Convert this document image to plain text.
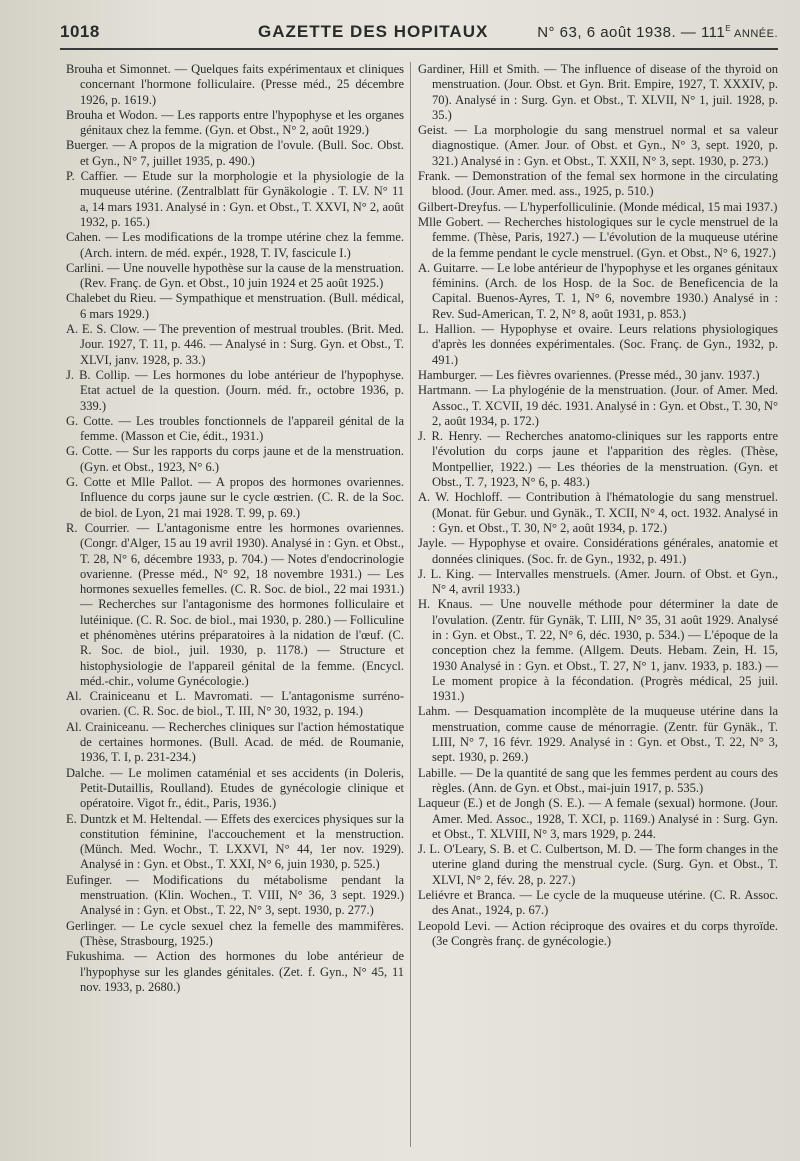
1018	GAZETTE DES HOPITAUX	N° 63, 6 août 1938. — 111e ANNÉE.

Brouha et Simonnet. — Quelques faits expérimentaux et cliniques concernant l'hormone folliculaire. (Presse méd., 25 décembre 1926, p. 1619.)

Brouha et Wodon. — Les rapports entre l'hypophyse et les organes génitaux chez la femme. (Gyn. et Obst., N° 2, août 1929.)

Buerger. — A propos de la migration de l'ovule. (Bull. Soc. Obst. et Gyn., N° 7, juillet 1935, p. 490.)

P. Caffier. — Etude sur la morphologie et la physiologie de la muqueuse utérine. (Zentralblatt für Gynäkologie . T. LV. N° 11 a, 14 mars 1931. Analysé in : Gyn. et Obst., T. XXVI, N° 2, août 1932, p. 165.)

Cahen. — Les modifications de la trompe utérine chez la femme. (Arch. intern. de méd. expér., 1928, T. IV, fascicule I.)

Carlini. — Une nouvelle hypothèse sur la cause de la menstruation. (Rev. Franç. de Gyn. et Obst., 10 juin 1924 et 25 août 1925.)

Chalebet du Rieu. — Sympathique et menstruation. (Bull. médical, 6 mars 1929.)

A. E. S. Clow. — The prevention of mestrual troubles. (Brit. Med. Jour. 1927, T. 11, p. 446. — Analysé in : Surg. Gyn. et Obst., T. XLVI, janv. 1928, p. 33.)

J. B. Collip. — Les hormones du lobe antérieur de l'hypophyse. Etat actuel de la question. (Journ. méd. fr., octobre 1936, p. 339.)

G. Cotte. — Les troubles fonctionnels de l'appareil génital de la femme. (Masson et Cie, édit., 1931.)

G. Cotte. — Sur les rapports du corps jaune et de la menstruation. (Gyn. et Obst., 1923, N° 6.)

G. Cotte et Mlle Pallot. — A propos des hormones ovariennes. Influence du corps jaune sur le cycle œstrien. (C. R. de la Soc. de biol. de Lyon, 21 mai 1928. T. 99, p. 69.)

R. Courrier. — L'antagonisme entre les hormones ovariennes. (Congr. d'Alger, 15 au 19 avril 1930). Analysé in : Gyn. et Obst., T. 28, N° 6, décembre 1933, p. 704.) — Notes d'endocrinologie ovarienne. (Presse méd., N° 92, 18 novembre 1931.) — Les hormones sexuelles femelles. (C. R. Soc. de biol., 22 mai 1931.) — Recherches sur l'antagonisme des hormones folliculaire et lutéinique. (C. R. Soc. de biol., mai 1930, p. 280.) — Folliculine et phénomènes utérins préparatoires à la nidation de l'œuf. (C. R. Soc. de biol., juil. 1930, p. 1178.) — Structure et histophysiologie de l'appareil génital de la femme. (Encycl. méd.-chir., volume Gynécologie.)

Al. Crainiceanu et L. Mavromati. — L'antagonisme surréno-ovarien. (C. R. Soc. de biol., T. III, N° 30, 1932, p. 194.)

Al. Crainiceanu. — Recherches cliniques sur l'action hémostatique de certaines hormones. (Bull. Acad. de méd. de Roumanie, 1936, T. I, p. 231-234.)

Dalche. — Le molimen cataménial et ses accidents (in Doleris, Petit-Dutaillis, Roulland). Etudes de gynécologie clinique et opératoire. Vigot fr., édit., Paris, 1936.)

E. Duntzk et M. Heltendal. — Effets des exercices physiques sur la constitution féminine, l'accouchement et la menstruction. (Münch. Med. Wochr., T. LXXVI, N° 44, 1er nov. 1929). Analysé in : Gyn. et Obst., T. XXI, N° 6, juin 1930, p. 525.)

Eufinger. — Modifications du métabolisme pendant la menstruation. (Klin. Wochen., T. VIII, N° 36, 3 sept. 1929.) Analysé in : Gyn. et Obst., T. 22, N° 3, sept. 1930, p. 277.)

Gerlinger. — Le cycle sexuel chez la femelle des mammifères. (Thèse, Strasbourg, 1925.)

Fukushima. — Action des hormones du lobe antérieur de l'hypophyse sur les glandes génitales. (Zet. f. Gyn., N° 45, 11 nov. 1933, p. 2680.)

Gardiner, Hill et Smith. — The influence of disease of the thyroid on menstruation. (Jour. Obst. et Gyn. Brit. Empire, 1927, T. XXXIV, p. 70). Analysé in : Surg. Gyn. et Obst., T. XLVII, N° 1, juil. 1928, p. 35.)

Geist. — La morphologie du sang menstruel normal et sa valeur diagnostique. (Amer. Jour. of Obst. et Gyn., N° 3, sept. 1920, p. 321.) Analysé in : Gyn. et Obst., T. XXII, N° 3, sept. 1930, p. 273.)

Frank. — Demonstration of the femal sex hormone in the circulating blood. (Jour. Amer. med. ass., 1925, p. 510.)

Gilbert-Dreyfus. — L'hyperfolliculinie. (Monde médical, 15 mai 1937.)

Mlle Gobert. — Recherches histologiques sur le cycle menstruel de la femme. (Thèse, Paris, 1927.) — L'évolution de la muqueuse utérine de la femme pendant le cycle menstruel. (Gyn. et Obst., N° 6, 1927.)

A. Guitarre. — Le lobe antérieur de l'hypophyse et les organes génitaux féminins. (Arch. de los Hosp. de la Soc. de Beneficencia de la Capital. Buenos-Ayres, T. 1, N° 6, novembre 1930.) Analysé in : Rev. Sud-American, T. 2, N° 8, août 1931, p. 853.)

L. Hallion. — Hypophyse et ovaire. Leurs relations physiologiques d'après les données expérimentales. (Soc. Franç. de Gyn., 1932, p. 491.)

Hamburger. — Les fièvres ovariennes. (Presse méd., 30 janv. 1937.)

Hartmann. — La phylogénie de la menstruation. (Jour. of Amer. Med. Assoc., T. XCVII, 19 déc. 1931. Analysé in : Gyn. et Obst., T. 30, N° 2, août 1934, p. 172.)

J. R. Henry. — Recherches anatomo-cliniques sur les rapports entre l'évolution du corps jaune et l'apparition des règles. (Thèse, Montpellier, 1922.) — Les théories de la menstruation. (Gyn. et Obst., T. 7, 1923, N° 6, p. 483.)

A. W. Hochloff. — Contribution à l'hématologie du sang menstruel. (Monat. für Gebur. und Gynäk., T. XCII, N° 4, oct. 1932. Analysé in : Gyn. et Obst., T. 30, N° 2, août 1934, p. 172.)

Jayle. — Hypophyse et ovaire. Considérations générales, anatomie et données cliniques. (Soc. fr. de Gyn., 1932, p. 491.)

J. L. King. — Intervalles menstruels. (Amer. Journ. of Obst. et Gyn., N° 4, avril 1933.)

H. Knaus. — Une nouvelle méthode pour déterminer la date de l'ovulation. (Zentr. für Gynäk, T. LIII, N° 35, 31 août 1929. Analysé in : Gyn. et Obst., T. 22, N° 6, déc. 1930, p. 534.) — L'époque de la conception chez la femme. (Allgem. Deuts. Hebam. Zein, H. 15, 1930 Analysé in : Gyn. et Obst., T. 27, N° 1, janv. 1933, p. 183.) — Le moment propice à la fécondation. (Progrès médical, 25 juil. 1931.)

Lahm. — Desquamation incomplète de la muqueuse utérine dans la menstruation, comme cause de ménorragie. (Zentr. für Gynäk., T. LIII, N° 7, 16 févr. 1929. Analysé in : Gyn. et Obst., T. 22, N° 3, sept. 1930, p. 269.)

Labille. — De la quantité de sang que les femmes perdent au cours des règles. (Ann. de Gyn. et Obst., mai-juin 1917, p. 535.)

Laqueur (E.) et de Jongh (S. E.). — A female (sexual) hormone. (Jour. Amer. Med. Assoc., 1928, T. XCI, p. 1169.) Analysé in : Surg. Gyn. et Obst., T. XLVIII, N° 3, mars 1929, p. 244.

J. L. O'Leary, S. B. et C. Culbertson, M. D. — The form changes in the uterine gland during the menstrual cycle. (Surg. Gyn. et Obst., T. XLVI, N° 2, fév. 28, p. 227.)

Leliévre et Branca. — Le cycle de la muqueuse utérine. (C. R. Assoc. des Anat., 1924, p. 67.)

Leopold Levi. — Action réciproque des ovaires et du corps thyroïde. (3e Congrès franç. de gynécologie.)
